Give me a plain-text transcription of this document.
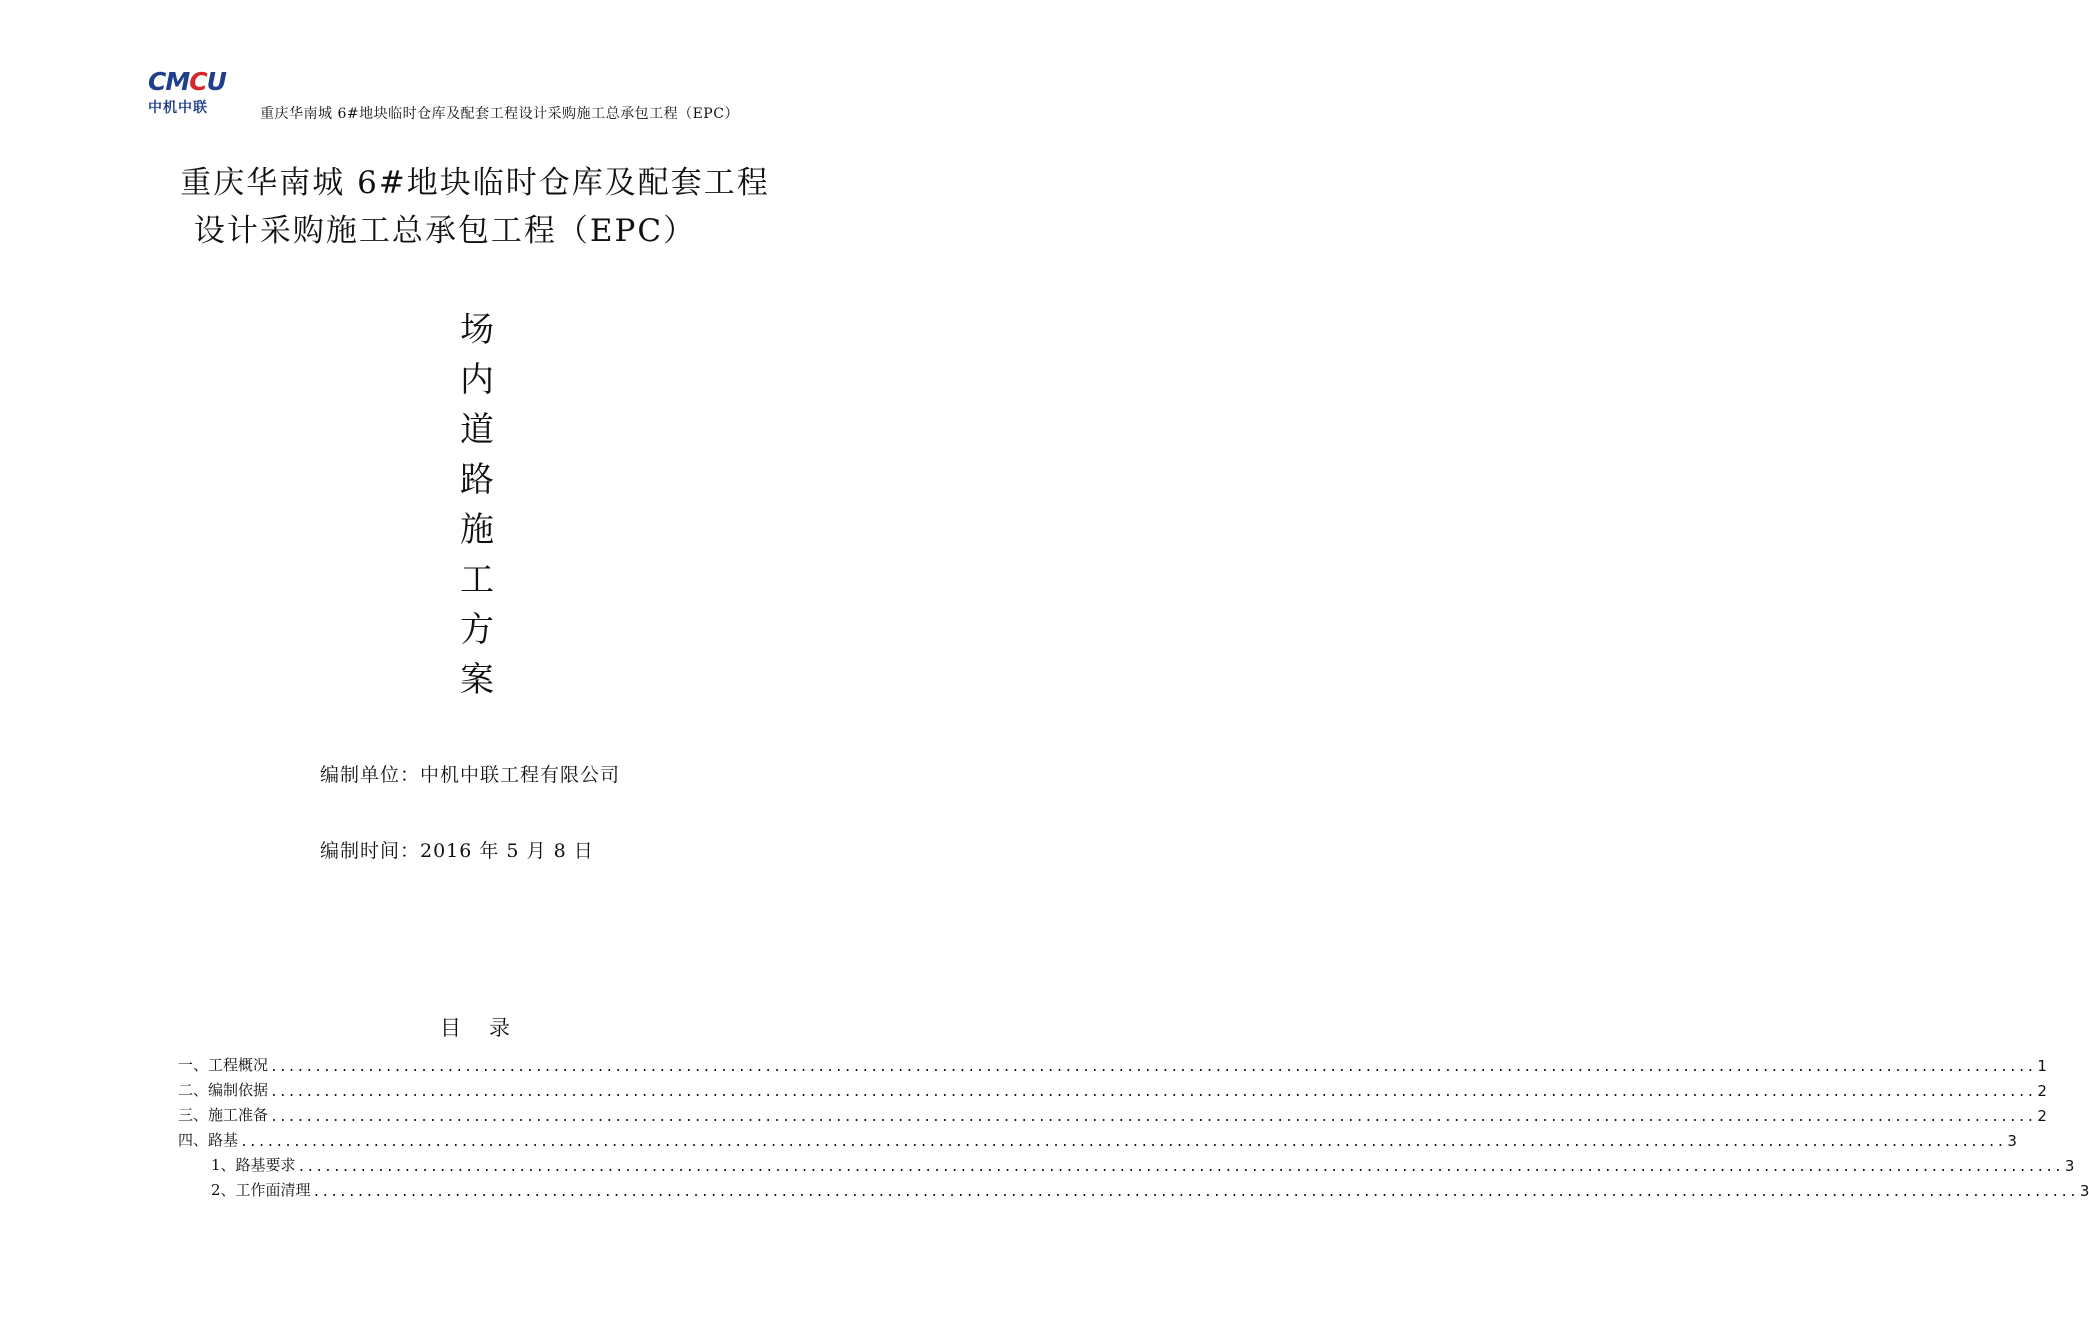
C M C U
中机中联	重庆华南城 6#地块临时仓库及配套工程设计采购施工总承包工程（EPC）
重庆华南城 6#地块临时仓库及配套工程
设计采购施工总承包工程（EPC）
场
内
道
路
施
工
方
案
编制单位：中机中联工程有限公司
编制时间：2016 年 5 月 8 日
目 录
一、工程概况 ........................................................................................................................................................................................................ 1
二、编制依据 ........................................................................................................................................................................................................ 2
三、施工准备 ........................................................................................................................................................................................................ 2
四、路基 ........................................................................................................................................................................................................ 3
1、路基要求 ........................................................................................................................................................................................................ 3
2、工作面清理 ........................................................................................................................................................................................................ 3
